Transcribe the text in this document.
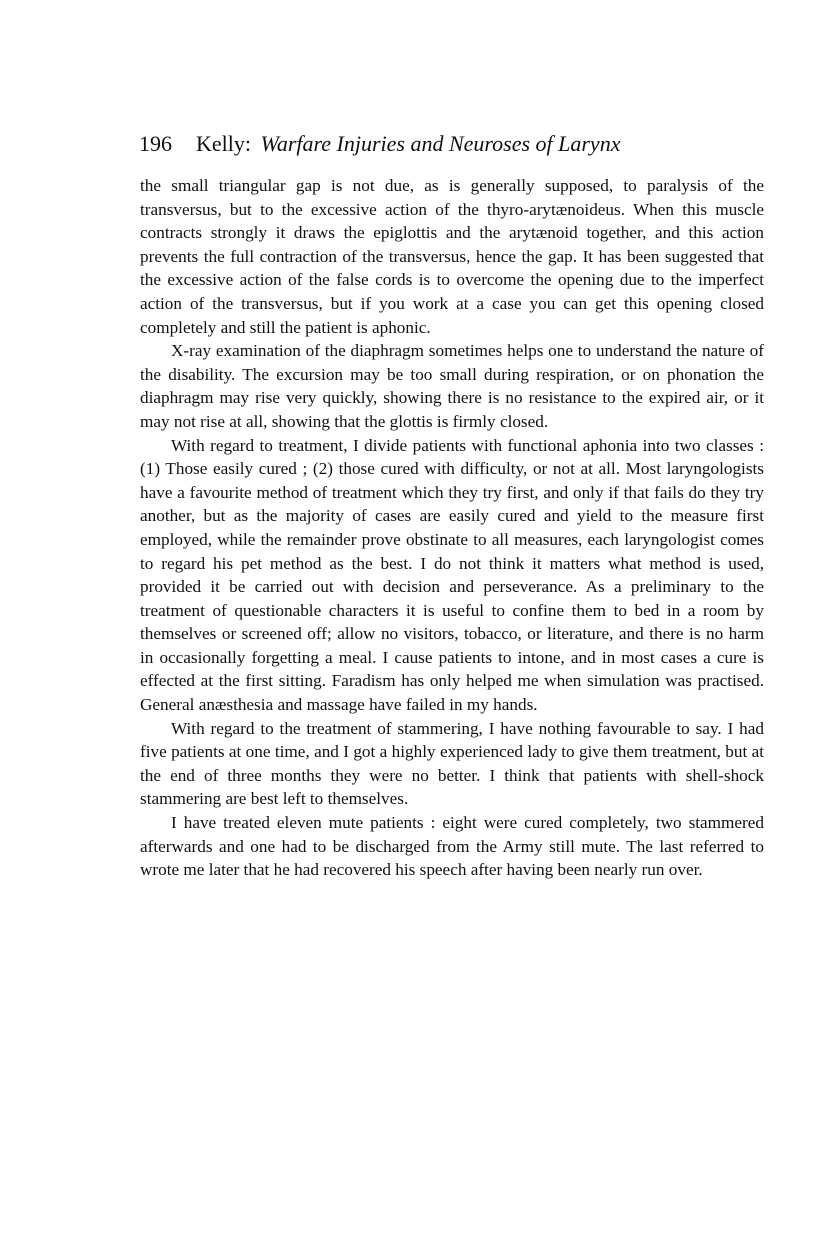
196 Kelly: Warfare Injuries and Neuroses of Larynx

the small triangular gap is not due, as is generally supposed, to paralysis of the transversus, but to the excessive action of the thyro-arytænoideus. When this muscle contracts strongly it draws the epiglottis and the arytænoid together, and this action prevents the full contraction of the transversus, hence the gap. It has been suggested that the excessive action of the false cords is to overcome the opening due to the imperfect action of the transversus, but if you work at a case you can get this opening closed completely and still the patient is aphonic.

X-ray examination of the diaphragm sometimes helps one to understand the nature of the disability. The excursion may be too small during respiration, or on phonation the diaphragm may rise very quickly, showing there is no resistance to the expired air, or it may not rise at all, showing that the glottis is firmly closed.

With regard to treatment, I divide patients with functional aphonia into two classes : (1) Those easily cured ; (2) those cured with difficulty, or not at all. Most laryngologists have a favourite method of treatment which they try first, and only if that fails do they try another, but as the majority of cases are easily cured and yield to the measure first employed, while the remainder prove obstinate to all measures, each laryngologist comes to regard his pet method as the best. I do not think it matters what method is used, provided it be carried out with decision and perseverance. As a preliminary to the treatment of questionable characters it is useful to confine them to bed in a room by themselves or screened off; allow no visitors, tobacco, or literature, and there is no harm in occasionally forgetting a meal. I cause patients to intone, and in most cases a cure is effected at the first sitting. Faradism has only helped me when simulation was practised. General anæsthesia and massage have failed in my hands.

With regard to the treatment of stammering, I have nothing favourable to say. I had five patients at one time, and I got a highly experienced lady to give them treatment, but at the end of three months they were no better. I think that patients with shell-shock stammering are best left to themselves.

I have treated eleven mute patients : eight were cured completely, two stammered afterwards and one had to be discharged from the Army still mute. The last referred to wrote me later that he had recovered his speech after having been nearly run over.
